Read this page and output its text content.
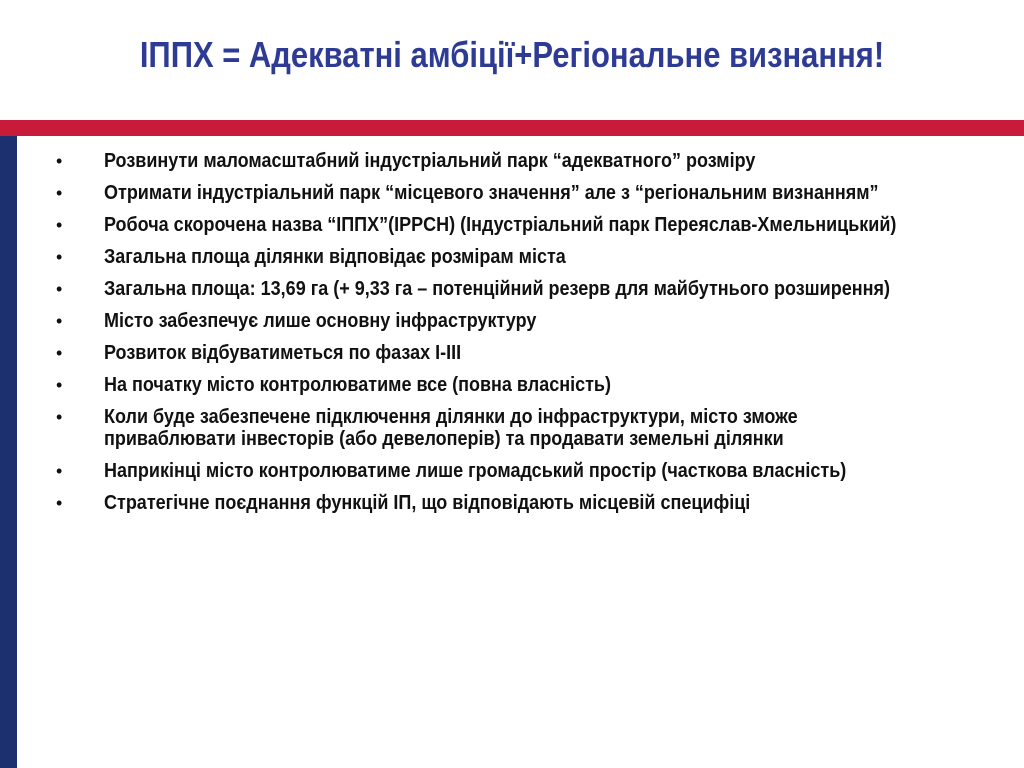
ІППХ = Адекватні амбіції+Регіональне визнання!
• Розвинути маломасштабний індустріальний парк “адекватного” розміру
• Отримати індустріальний парк “місцевого значення” але з “регіональним визнанням”
• Робоча скорочена назва “ІППХ”(IPPCH) (Індустріальний парк Переяслав-Хмельницький)
• Загальна площа ділянки відповідає розмірам міста
• Загальна площа: 13,69 га (+ 9,33 га – потенційний резерв для майбутнього розширення)
• Місто забезпечує лише основну інфраструктуру
• Розвиток відбуватиметься по фазах I-III
• На початку місто контролюватиме все (повна власність)
• Коли буде забезпечене підключення ділянки до інфраструктури, місто зможе приваблювати інвесторів (або девелоперів) та продавати земельні ділянки
• Наприкінці місто контролюватиме лише громадський простір (часткова власність)
• Стратегічне поєднання функцій ІП, що відповідають місцевій специфіці
